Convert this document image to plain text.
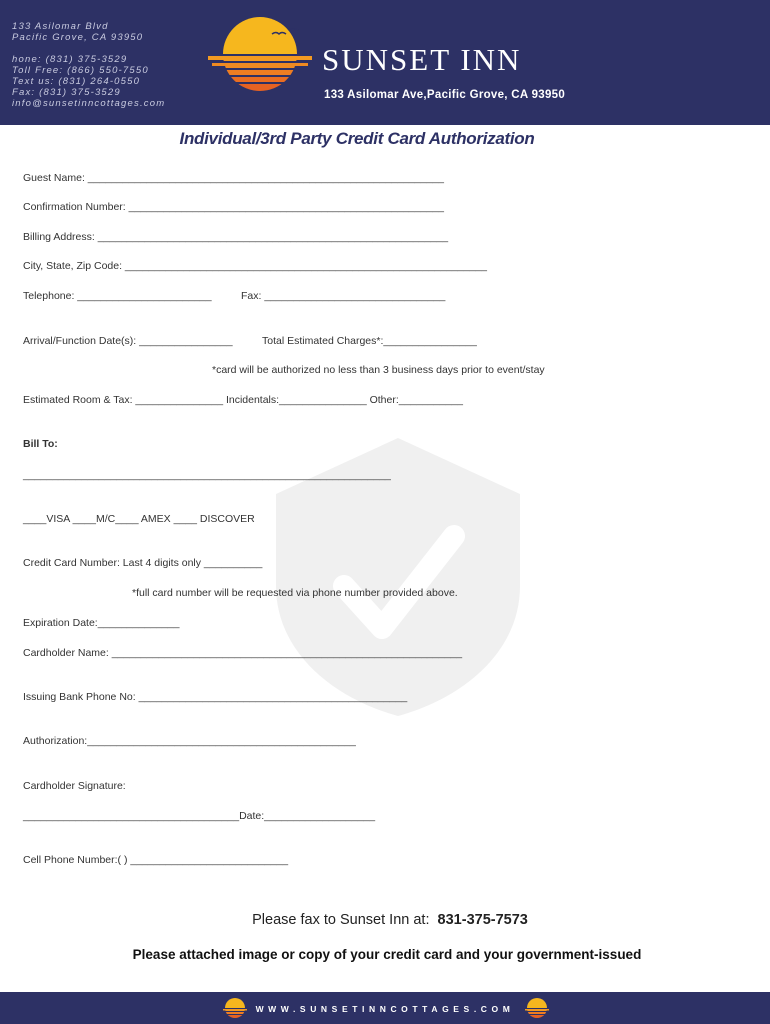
133 Asilomar Blvd
Pacific Grove, CA 93950
hone: (831) 375-3529
Toll Free: (866) 550-7550
Text us: (831) 264-0550
Fax: (831) 375-3529
info@sunsetinncottages.com
SUNSET INN
133 Asilomar Ave,Pacific Grove, CA 93950
Individual/3rd Party Credit Card Authorization
Guest Name: _____________________________________________________________
Confirmation Number: ______________________________________________________
Billing Address: ____________________________________________________________
City, State, Zip Code: ______________________________________________________________
Telephone: _______________________	Fax: _______________________________
Arrival/Function Date(s): ________________	Total Estimated Charges*:________________
*card will be authorized no less than 3 business days prior to event/stay
Estimated Room & Tax: _______________ Incidentals:_______________ Other:___________
Bill To:
_______________________________________________________________
____VISA ____M/C____ AMEX ____ DISCOVER
Credit Card Number: Last 4 digits only __________
*full card number will be requested via phone number provided above.
Expiration Date:______________
Cardholder Name: ____________________________________________________________
Issuing Bank Phone No: ______________________________________________
Authorization:______________________________________________
Cardholder Signature:
_____________________________________Date:___________________
Cell Phone Number:( ) ___________________________
Please fax to Sunset Inn at: 831-375-7573
Please attached image or copy of your credit card and your government-issued
WWW.SUNSETINNCOTTAGES.COM
